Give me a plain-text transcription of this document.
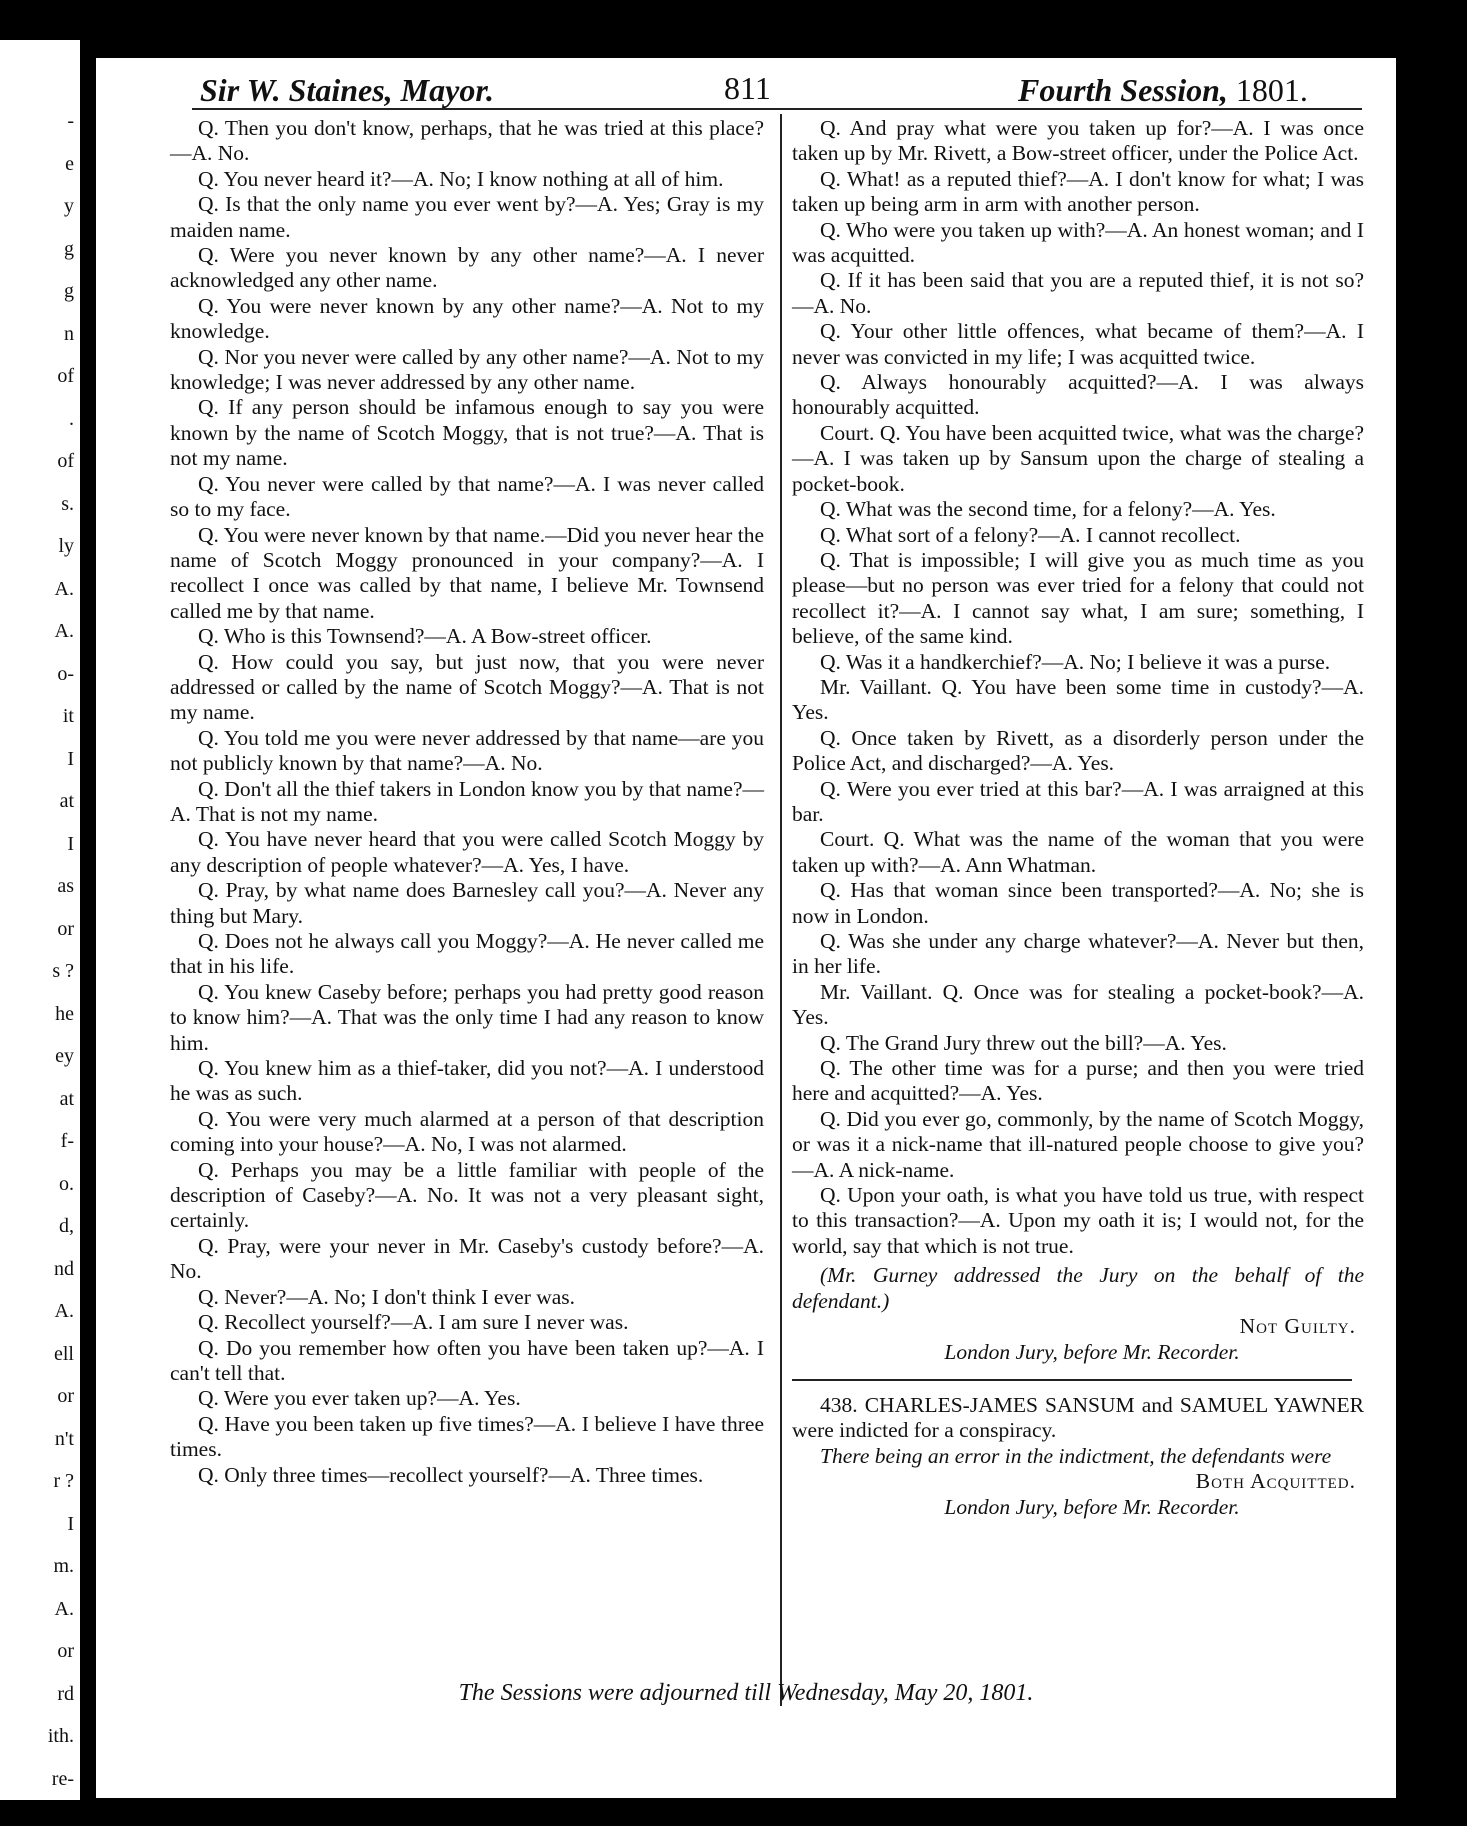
-
e
y
g
g
n
of
.
of
s.
ly
A.
A.
o-
it
I
at
I
as
or
s ?
he
ey
at
f-
o.
d,
nd
A.
ell
or
n't
r ?
I
m.
A.
or
rd
ith.
re-
Sir W. Staines, Mayor.	811	Fourth Session, 1801.

Q. Then you don't know, perhaps, that he was tried at this place?—A. No.

Q. You never heard it?—A. No; I know nothing at all of him.

Q. Is that the only name you ever went by?—A. Yes; Gray is my maiden name.

Q. Were you never known by any other name?—A. I never acknowledged any other name.

Q. You were never known by any other name?—A. Not to my knowledge.

Q. Nor you never were called by any other name?—A. Not to my knowledge; I was never addressed by any other name.

Q. If any person should be infamous enough to say you were known by the name of Scotch Moggy, that is not true?—A. That is not my name.

Q. You never were called by that name?—A. I was never called so to my face.

Q. You were never known by that name.—Did you never hear the name of Scotch Moggy pronounced in your company?—A. I recollect I once was called by that name, I believe Mr. Townsend called me by that name.

Q. Who is this Townsend?—A. A Bow-street officer.

Q. How could you say, but just now, that you were never addressed or called by the name of Scotch Moggy?—A. That is not my name.

Q. You told me you were never addressed by that name—are you not publicly known by that name?—A. No.

Q. Don't all the thief takers in London know you by that name?—A. That is not my name.

Q. You have never heard that you were called Scotch Moggy by any description of people whatever?—A. Yes, I have.

Q. Pray, by what name does Barnesley call you?—A. Never any thing but Mary.

Q. Does not he always call you Moggy?—A. He never called me that in his life.

Q. You knew Caseby before; perhaps you had pretty good reason to know him?—A. That was the only time I had any reason to know him.

Q. You knew him as a thief-taker, did you not?—A. I understood he was as such.

Q. You were very much alarmed at a person of that description coming into your house?—A. No, I was not alarmed.

Q. Perhaps you may be a little familiar with people of the description of Caseby?—A. No. It was not a very pleasant sight, certainly.

Q. Pray, were your never in Mr. Caseby's custody before?—A. No.

Q. Never?—A. No; I don't think I ever was.

Q. Recollect yourself?—A. I am sure I never was.

Q. Do you remember how often you have been taken up?—A. I can't tell that.

Q. Were you ever taken up?—A. Yes.

Q. Have you been taken up five times?—A. I believe I have three times.

Q. Only three times—recollect yourself?—A. Three times.

Q. And pray what were you taken up for?—A. I was once taken up by Mr. Rivett, a Bow-street officer, under the Police Act.

Q. What! as a reputed thief?—A. I don't know for what; I was taken up being arm in arm with another person.

Q. Who were you taken up with?—A. An honest woman; and I was acquitted.

Q. If it has been said that you are a reputed thief, it is not so?—A. No.

Q. Your other little offences, what became of them?—A. I never was convicted in my life; I was acquitted twice.

Q. Always honourably acquitted?—A. I was always honourably acquitted.

Court. Q. You have been acquitted twice, what was the charge?—A. I was taken up by Sansum upon the charge of stealing a pocket-book.

Q. What was the second time, for a felony?—A. Yes.

Q. What sort of a felony?—A. I cannot recollect.

Q. That is impossible; I will give you as much time as you please—but no person was ever tried for a felony that could not recollect it?—A. I cannot say what, I am sure; something, I believe, of the same kind.

Q. Was it a handkerchief?—A. No; I believe it was a purse.

Mr. Vaillant. Q. You have been some time in custody?—A. Yes.

Q. Once taken by Rivett, as a disorderly person under the Police Act, and discharged?—A. Yes.

Q. Were you ever tried at this bar?—A. I was arraigned at this bar.

Court. Q. What was the name of the woman that you were taken up with?—A. Ann Whatman.

Q. Has that woman since been transported?—A. No; she is now in London.

Q. Was she under any charge whatever?—A. Never but then, in her life.

Mr. Vaillant. Q. Once was for stealing a pocket-book?—A. Yes.

Q. The Grand Jury threw out the bill?—A. Yes.

Q. The other time was for a purse; and then you were tried here and acquitted?—A. Yes.

Q. Did you ever go, commonly, by the name of Scotch Moggy, or was it a nick-name that ill-natured people choose to give you?—A. A nick-name.

Q. Upon your oath, is what you have told us true, with respect to this transaction?—A. Upon my oath it is; I would not, for the world, say that which is not true.

(Mr. Gurney addressed the Jury on the behalf of the defendant.)

Not Guilty.

London Jury, before Mr. Recorder.

438. CHARLES-JAMES SANSUM and SAMUEL YAWNER were indicted for a conspiracy.

There being an error in the indictment, the defendants were

Both Acquitted.

London Jury, before Mr. Recorder.

The Sessions were adjourned till Wednesday, May 20, 1801.
